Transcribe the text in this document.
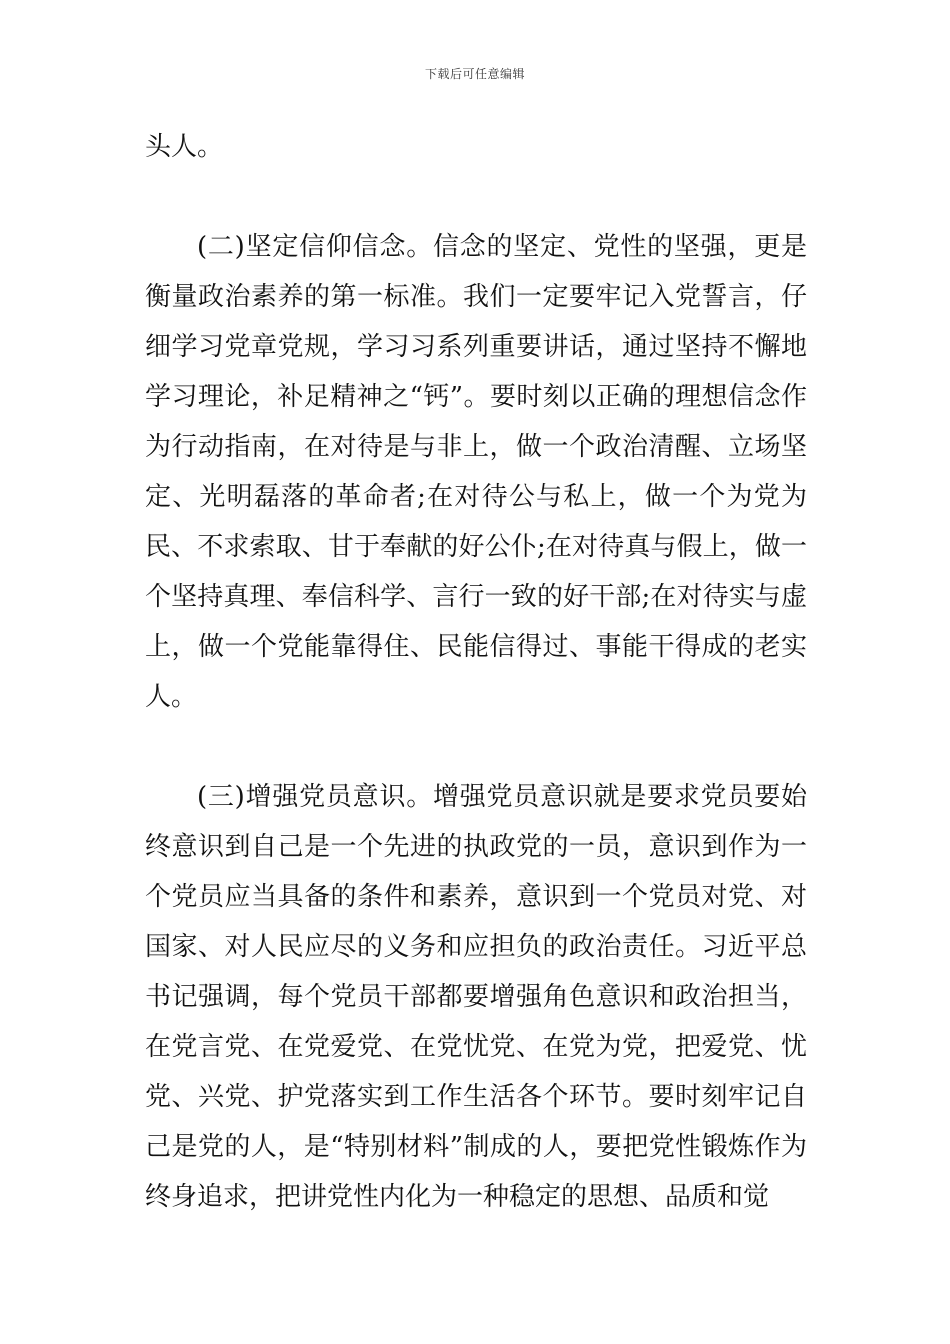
下载后可任意编辑

头人。

(二)坚定信仰信念。信念的坚定、党性的坚强，更是衡量政治素养的第一标准。我们一定要牢记入党誓言，仔细学习党章党规，学习习系列重要讲话，通过坚持不懈地学习理论，补足精神之“钙”。要时刻以正确的理想信念作为行动指南，在对待是与非上，做一个政治清醒、立场坚定、光明磊落的革命者;在对待公与私上，做一个为党为民、不求索取、甘于奉献的好公仆;在对待真与假上，做一个坚持真理、奉信科学、言行一致的好干部;在对待实与虚上，做一个党能靠得住、民能信得过、事能干得成的老实人。

(三)增强党员意识。增强党员意识就是要求党员要始终意识到自己是一个先进的执政党的一员，意识到作为一个党员应当具备的条件和素养，意识到一个党员对党、对国家、对人民应尽的义务和应担负的政治责任。习近平总书记强调，每个党员干部都要增强角色意识和政治担当，在党言党、在党爱党、在党忧党、在党为党，把爱党、忧党、兴党、护党落实到工作生活各个环节。要时刻牢记自己是党的人，是“特别材料”制成的人，要把党性锻炼作为终身追求，把讲党性内化为一种稳定的思想、品质和觉
